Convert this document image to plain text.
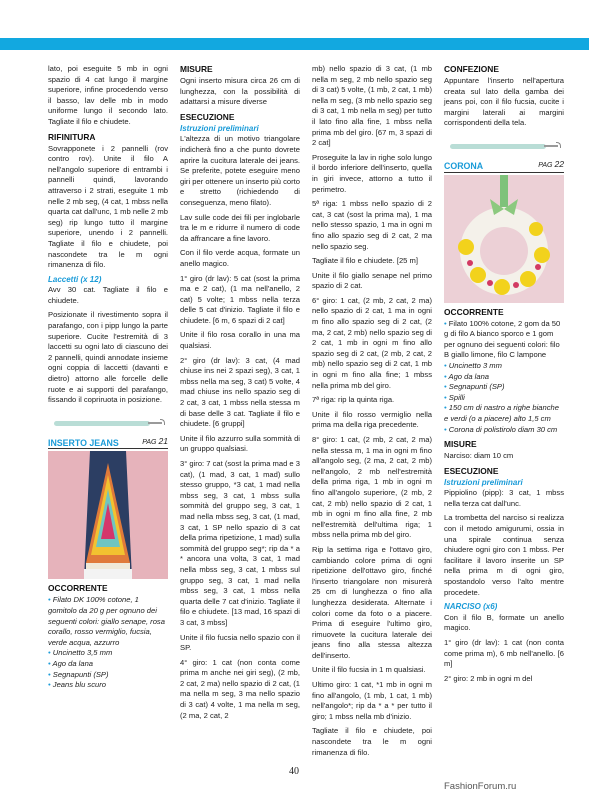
lato, poi eseguite 5 mb in ogni spazio di 4 cat lungo il margine superiore, infine procedendo verso il basso, lav delle mb in modo uniforme lungo il secondo lato. Tagliate il filo e chiudete.

RIFINITURA

Sovrapponete i 2 pannelli (rov contro rov). Unite il filo A nell'angolo superiore di entrambi i pannelli quindi, lavorando attraverso i 2 strati, eseguite 1 mb nelle 2 mb seg, (4 cat, 1 mbss nella quarta cat dall'unc, 1 mb nelle 2 mb seg) rip lungo tutto il margine superiore, unendo i 2 pannelli. Tagliate il filo e chiudete, poi nascondete tra le m ogni rimanenza di filo.

Laccetti (x 12)

Avv 30 cat. Tagliate il filo e chiudete.

Posizionate il rivestimento sopra il parafango, con i pipp lungo la parte superiore. Cucite l'estremità di 3 laccetti su ogni lato di ciascuno dei 2 pannelli, quindi annodate insieme ogni coppia di laccetti (davanti e dietro) attorno alle forcelle delle ruote e ai supporti del parafango, fissando il copriruota in posizione.

INSERTO JEANS	PAG 21
OCCORRENTE
• Filato DK 100% cotone, 1 gomitolo da 20 g per ognuno dei seguenti colori: giallo senape, rosa corallo, rosso vermiglio, fucsia, verde acqua, azzurro
• Uncinetto 3,5 mm
• Ago da lana
• Segnapunti (SP)
• Jeans blu scuro
MISURE

Ogni inserto misura circa 26 cm di lunghezza, con la possibilità di adattarsi a misure diverse

ESECUZIONE

Istruzioni preliminari

L'altezza di un motivo triangolare indicherà fino a che punto dovrete aprire la cucitura laterale dei jeans. Se preferite, potete eseguire meno giri per ottenere un inserto più corto e stretto (richiedendo di conseguenza, meno filato).

Lav sulle code dei fili per inglobarle tra le m e ridurre il numero di code da affrancare a fine lavoro.

Con il filo verde acqua, formate un anello magico.

1° giro (dr lav): 5 cat (sost la prima ma e 2 cat), (1 ma nell'anello, 2 cat) 5 volte; 1 mbss nella terza delle 5 cat d'inizio. Tagliate il filo e chiudete. [6 m, 6 spazi di 2 cat]

Unite il filo rosa corallo in una ma qualsiasi.

2° giro (dr lav): 3 cat, (4 mad chiuse ins nei 2 spazi seg), 3 cat, 1 mbss nella ma seg, 3 cat) 5 volte, 4 mad chiuse ins nello spazio seg di 2 cat, 3 cat, 1 mbss nella stessa m di base delle 3 cat. Tagliate il filo e chiudete. [6 gruppi]

Unite il filo azzurro sulla sommità di un gruppo qualsiasi.

3° giro: 7 cat (sost la prima mad e 3 cat), (1 mad, 3 cat, 1 mad) sullo stesso gruppo, *3 cat, 1 mad nella mbss seg, 3 cat, 1 mbss sulla sommità del gruppo seg, 3 cat, 1 mad nella mbss seg, 3 cat, (1 mad, 3 cat, 1 SP nello spazio di 3 cat della prima ripetizione, 1 mad) sulla sommità del gruppo seg*; rip da * a * ancora una volta, 3 cat, 1 mad nella mbss seg, 3 cat, 1 mbss sul gruppo seg, 3 cat, 1 mad nella mbss seg, 3 cat, 1 mbss nella quarta delle 7 cat d'inizio. Tagliate il filo e chiudete. [13 mad, 16 spazi di 3 cat, 3 mbss]

Unite il filo fucsia nello spazio con il SP.

4° giro: 1 cat (non conta come prima m anche nei giri seg), (2 mb, 2 cat, 2 ma) nello spazio di 2 cat, (1 ma nella m seg, 3 ma nello spazio di 3 cat) 4 volte, 1 ma nella m seg, (2 ma, 2 cat, 2

mb) nello spazio di 3 cat, (1 mb nella m seg, 2 mb nello spazio seg di 3 cat) 5 volte, (1 mb, 2 cat, 1 mb) nella m seg, (3 mb nello spazio seg di 3 cat, 1 mb nella m seg) per tutto il lato fino alla fine, 1 mbss nella prima mb del giro. [67 m, 3 spazi di 2 cat]

Proseguite la lav in righe solo lungo il bordo inferiore dell'inserto, quella in giri invece, attorno a tutto il perimetro.

5ª riga: 1 mbss nello spazio di 2 cat, 3 cat (sost la prima ma), 1 ma nello stesso spazio, 1 ma in ogni m fino allo spazio seg di 2 cat, 2 ma nello spazio seg.

Tagliate il filo e chiudete. [25 m]

Unite il filo giallo senape nel primo spazio di 2 cat.

6° giro: 1 cat, (2 mb, 2 cat, 2 ma) nello spazio di 2 cat, 1 ma in ogni m fino allo spazio seg di 2 cat, (2 ma, 2 cat, 2 mb) nello spazio seg di 2 cat, 1 mb in ogni m fino allo spazio seg di 2 cat, (2 mb, 2 cat, 2 mb) nello spazio seg di 2 cat, 1 mb in ogni m fino alla fine; 1 mbss nella prima mb del giro.

7ª riga: rip la quinta riga.

Unite il filo rosso vermiglio nella prima ma della riga precedente.

8° giro: 1 cat, (2 mb, 2 cat, 2 ma) nella stessa m, 1 ma in ogni m fino all'angolo seg, (2 ma, 2 cat, 2 mb) nell'angolo, 2 mb nell'estremità della prima riga, 1 mb in ogni m fino all'angolo superiore, (2 mb, 2 cat, 2 mb) nello spazio di 2 cat, 1 mb in ogni m fino alla fine, 2 mb nell'estremità dell'ultima riga; 1 mbss nella prima mb del giro.

Rip la settima riga e l'ottavo giro, cambiando colore prima di ogni ripetizione dell'ottavo giro, finché l'inserto triangolare non misurerà 25 cm di lunghezza o fino alla lunghezza desiderata. Alternate i colori come da foto o a piacere. Prima di eseguire l'ultimo giro, rimuovete la cucitura laterale dei jeans fino alla stessa altezza dell'inserto.

Unite il filo fucsia in 1 m qualsiasi.

Ultimo giro: 1 cat, *1 mb in ogni m fino all'angolo, (1 mb, 1 cat, 1 mb) nell'angolo*; rip da * a * per tutto il giro; 1 mbss nella mb d'inizio.

Tagliate il filo e chiudete, poi nascondete tra le m ogni rimanenza di filo.

CONFEZIONE

Appuntare l'inserto nell'apertura creata sul lato della gamba dei jeans poi, con il filo fucsia, cucite i margini laterali ai margini corrispondenti della tela.

CORONA	PAG 22
OCCORRENTE
• Filato 100% cotone, 2 gom da 50 g di filo A bianco sporco e 1 gom per ognuno dei seguenti colori: filo B giallo limone, filo C lampone
• Uncinetto 3 mm
• Ago da lana
• Segnapunti (SP)
• Spilli
• 150 cm di nastro a righe bianche e verdi (o a piacere) alto 1,5 cm
• Corona di polistirolo diam 30 cm
MISURE

Narciso: diam 10 cm

ESECUZIONE

Istruzioni preliminari

Pippiolino (pipp): 3 cat, 1 mbss nella terza cat dall'unc.

La trombetta del narciso si realizza con il metodo amigurumi, ossia in una spirale continua senza chiudere ogni giro con 1 mbss. Per facilitare il lavoro inserite un SP nella prima m di ogni giro, spostandolo verso l'alto mentre procedete.

NARCISO (x6)

Con il filo B, formate un anello magico.

1° giro (dr lav): 1 cat (non conta come prima m), 6 mb nell'anello. [6 m]

2° giro: 2 mb in ogni m del

40
FashionForum.ru
